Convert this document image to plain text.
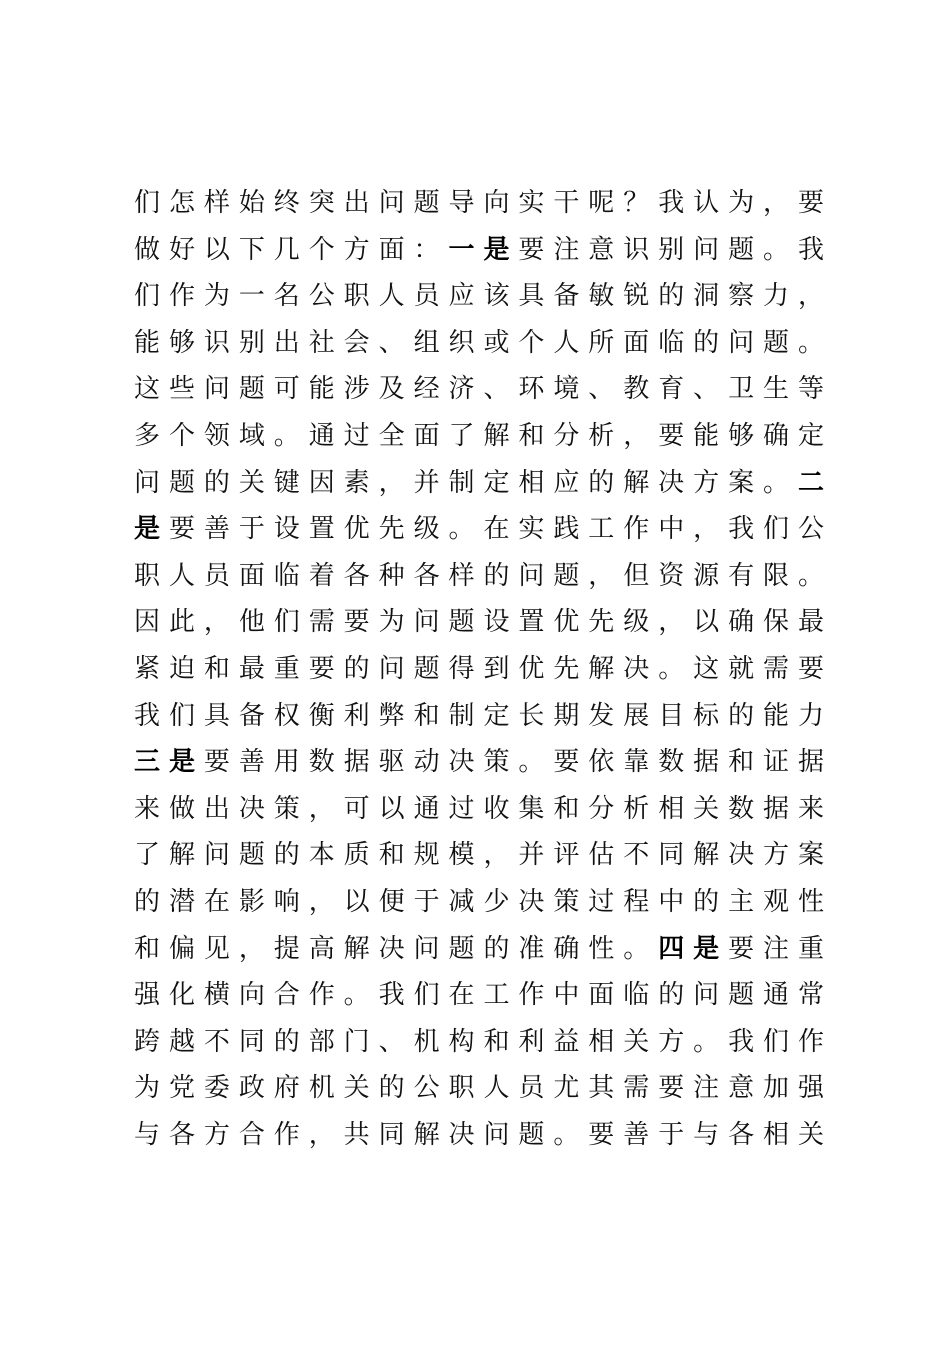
们怎样始终突出问题导向实干呢？我认为，要
做好以下几个方面：一是要注意识别问题。我
们作为一名公职人员应该具备敏锐的洞察力，
能够识别出社会、组织或个人所面临的问题。
这些问题可能涉及经济、环境、教育、卫生等
多个领域。通过全面了解和分析，要能够确定
问题的关键因素，并制定相应的解决方案。二
是要善于设置优先级。在实践工作中，我们公
职人员面临着各种各样的问题，但资源有限。
因此，他们需要为问题设置优先级，以确保最
紧迫和最重要的问题得到优先解决。这就需要
我们具备权衡利弊和制定长期发展目标的能力
三是要善用数据驱动决策。要依靠数据和证据
来做出决策，可以通过收集和分析相关数据来
了解问题的本质和规模，并评估不同解决方案
的潜在影响，以便于减少决策过程中的主观性
和偏见，提高解决问题的准确性。四是要注重
强化横向合作。我们在工作中面临的问题通常
跨越不同的部门、机构和利益相关方。我们作
为党委政府机关的公职人员尤其需要注意加强
与各方合作，共同解决问题。要善于与各相关
